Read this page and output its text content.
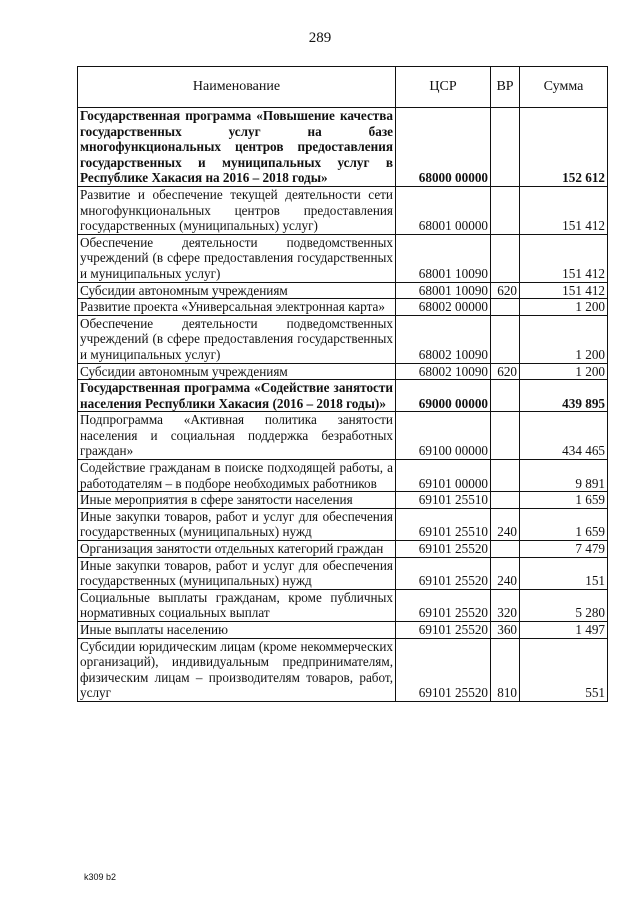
289
Наименование	ЦСР	ВР	Сумма
Государственная программа «Повышение качества государственных услуг на базе многофункциональных центров предоставления государственных и муниципальных услуг в Республике Хакасия на 2016 – 2018 годы»	68000 00000		152 612
Развитие и обеспечение текущей деятельности сети многофункциональных центров предоставления государственных (муниципальных) услуг)	68001 00000		151 412
Обеспечение деятельности подведомственных учреждений (в сфере предоставления государственных и муниципальных услуг)	68001 10090		151 412
Субсидии автономным учреждениям	68001 10090	620	151 412
Развитие проекта «Универсальная электронная карта»	68002 00000		1 200
Обеспечение деятельности подведомственных учреждений (в сфере предоставления государственных и муниципальных услуг)	68002 10090		1 200
Субсидии автономным учреждениям	68002 10090	620	1 200
Государственная программа «Содействие занятости населения Республики Хакасия (2016 – 2018 годы)»	69000 00000		439 895
Подпрограмма «Активная политика занятости населения и социальная поддержка безработных граждан»	69100 00000		434 465
Содействие гражданам в поиске подходящей работы, а работодателям – в подборе необходимых работников	69101 00000		9 891
Иные мероприятия в сфере занятости населения	69101 25510		1 659
Иные закупки товаров, работ и услуг для обеспечения государственных (муниципальных) нужд	69101 25510	240	1 659
Организация занятости отдельных категорий граждан	69101 25520		7 479
Иные закупки товаров, работ и услуг для обеспечения государственных (муниципальных) нужд	69101 25520	240	151
Социальные выплаты гражданам, кроме публичных нормативных социальных выплат	69101 25520	320	5 280
Иные выплаты населению	69101 25520	360	1 497
Субсидии юридическим лицам (кроме некоммерческих организаций), индивидуальным предпринимателям, физическим лицам – производителям товаров, работ, услуг	69101 25520	810	551
k309 b2
